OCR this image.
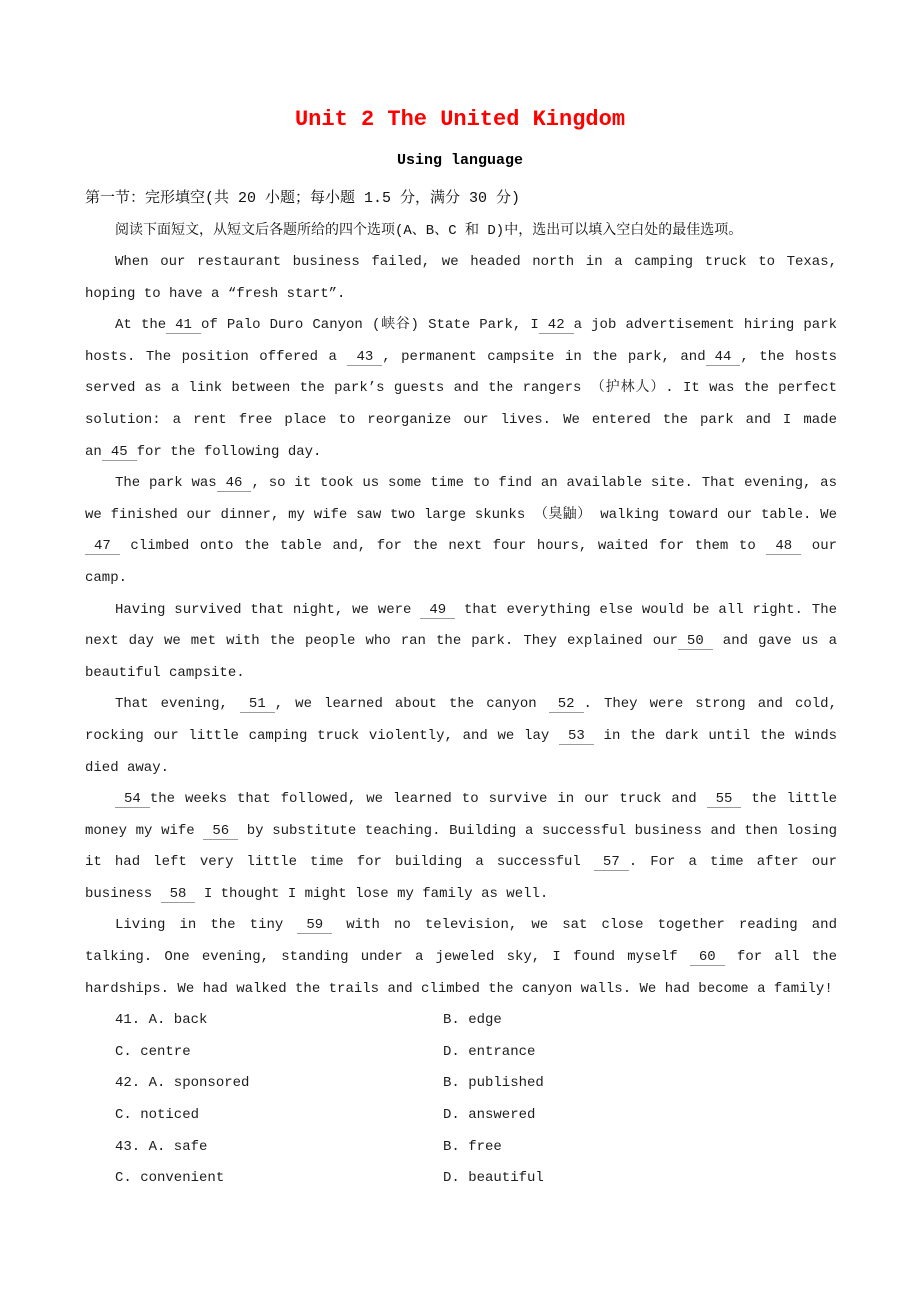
Unit 2 The United Kingdom
Using language

第一节：完形填空(共 20 小题；每小题 1.5 分，满分 30 分)

阅读下面短文，从短文后各题所给的四个选项(A、B、C 和 D)中，选出可以填入空白处的最佳选项。

When our restaurant business failed, we headed north in a camping truck to Texas, hoping to have a “fresh start”.

At the 41 of Palo Duro Canyon (峡谷) State Park, I 42 a job advertisement hiring park hosts. The position offered a 43 , permanent campsite in the park, and 44 , the hosts served as a link between the park’s guests and the rangers （护林人）. It was the perfect solution: a rent free place to reorganize our lives. We entered the park and I made an 45 for the following day.

The park was 46 , so it took us some time to find an available site. That evening, as we finished our dinner, my wife saw two large skunks （臭鼬） walking toward our table. We 47 climbed onto the table and, for the next four hours, waited for them to 48 our camp.

Having survived that night, we were 49 that everything else would be all right. The next day we met with the people who ran the park. They explained our 50 and gave us a beautiful campsite.

That evening, 51 , we learned about the canyon 52 . They were strong and cold, rocking our little camping truck violently, and we lay 53 in the dark until the winds died away.

54 the weeks that followed, we learned to survive in our truck and 55 the little money my wife 56 by substitute teaching. Building a successful business and then losing it had left very little time for building a successful 57 . For a time after our business 58 I thought I might lose my family as well.

Living in the tiny 59 with no television, we sat close together reading and talking. One evening, standing under a jeweled sky, I found myself 60 for all the hardships. We had walked the trails and climbed the canyon walls. We had become a family!

41. A. back	B. edge
C. centre	D. entrance
42. A. sponsored	B. published
C. noticed	D. answered
43. A. safe	B. free
C. convenient	D. beautiful
